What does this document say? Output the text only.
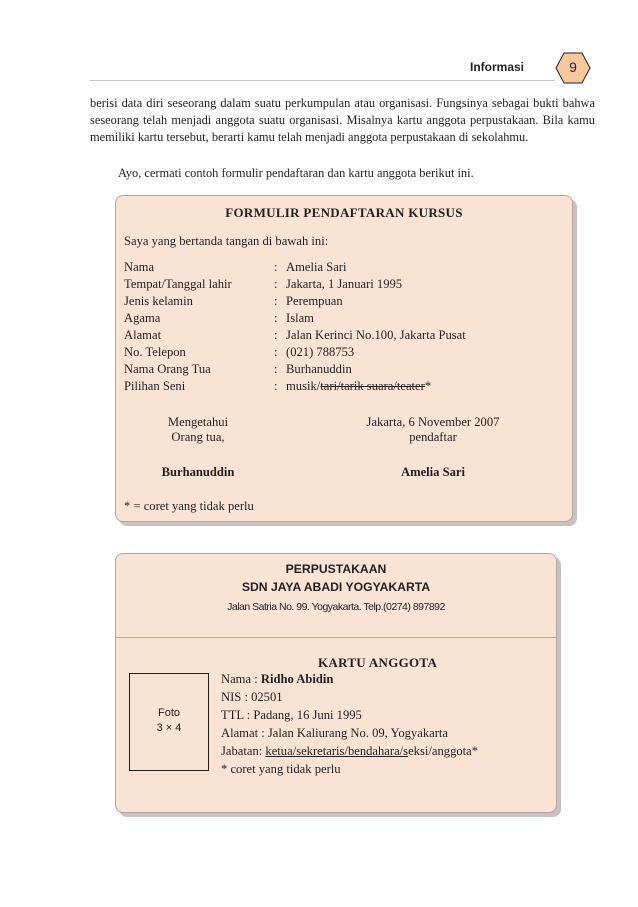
Informasi	9

berisi data diri seseorang dalam suatu perkumpulan atau organisasi. Fungsinya sebagai bukti bahwa seseorang telah menjadi anggota suatu organisasi. Misalnya kartu anggota perpustakaan. Bila kamu memiliki kartu tersebut, berarti kamu telah menjadi anggota perpustakaan di sekolahmu.

Ayo, cermati contoh formulir pendaftaran dan kartu anggota berikut ini.

FORMULIR PENDAFTARAN KURSUS
Saya yang bertanda tangan di bawah ini:
Nama	: Amelia Sari
Tempat/Tanggal lahir	: Jakarta, 1 Januari 1995
Jenis kelamin	: Perempuan
Agama	: Islam
Alamat	: Jalan Kerinci No.100, Jakarta Pusat
No. Telepon	: (021) 788753
Nama Orang Tua	: Burhanuddin
Pilihan Seni	: musik/tari/tarik suara/teater*
Mengetahui
Orang tua,
Burhanuddin
Jakarta, 6 November 2007
pendaftar
Amelia Sari
* = coret yang tidak perlu
PERPUSTAKAAN
SDN JAYA ABADI YOGYAKARTA
Jalan Satria No. 99. Yogyakarta. Telp.(0274) 897892
KARTU ANGGOTA
Foto
3 × 4
Nama : Ridho Abidin
NIS : 02501
TTL : Padang, 16 Juni 1995
Alamat : Jalan Kaliurang No. 09, Yogyakarta
Jabatan: ketua/sekretaris/bendahara/seksi/anggota*
* coret yang tidak perlu
